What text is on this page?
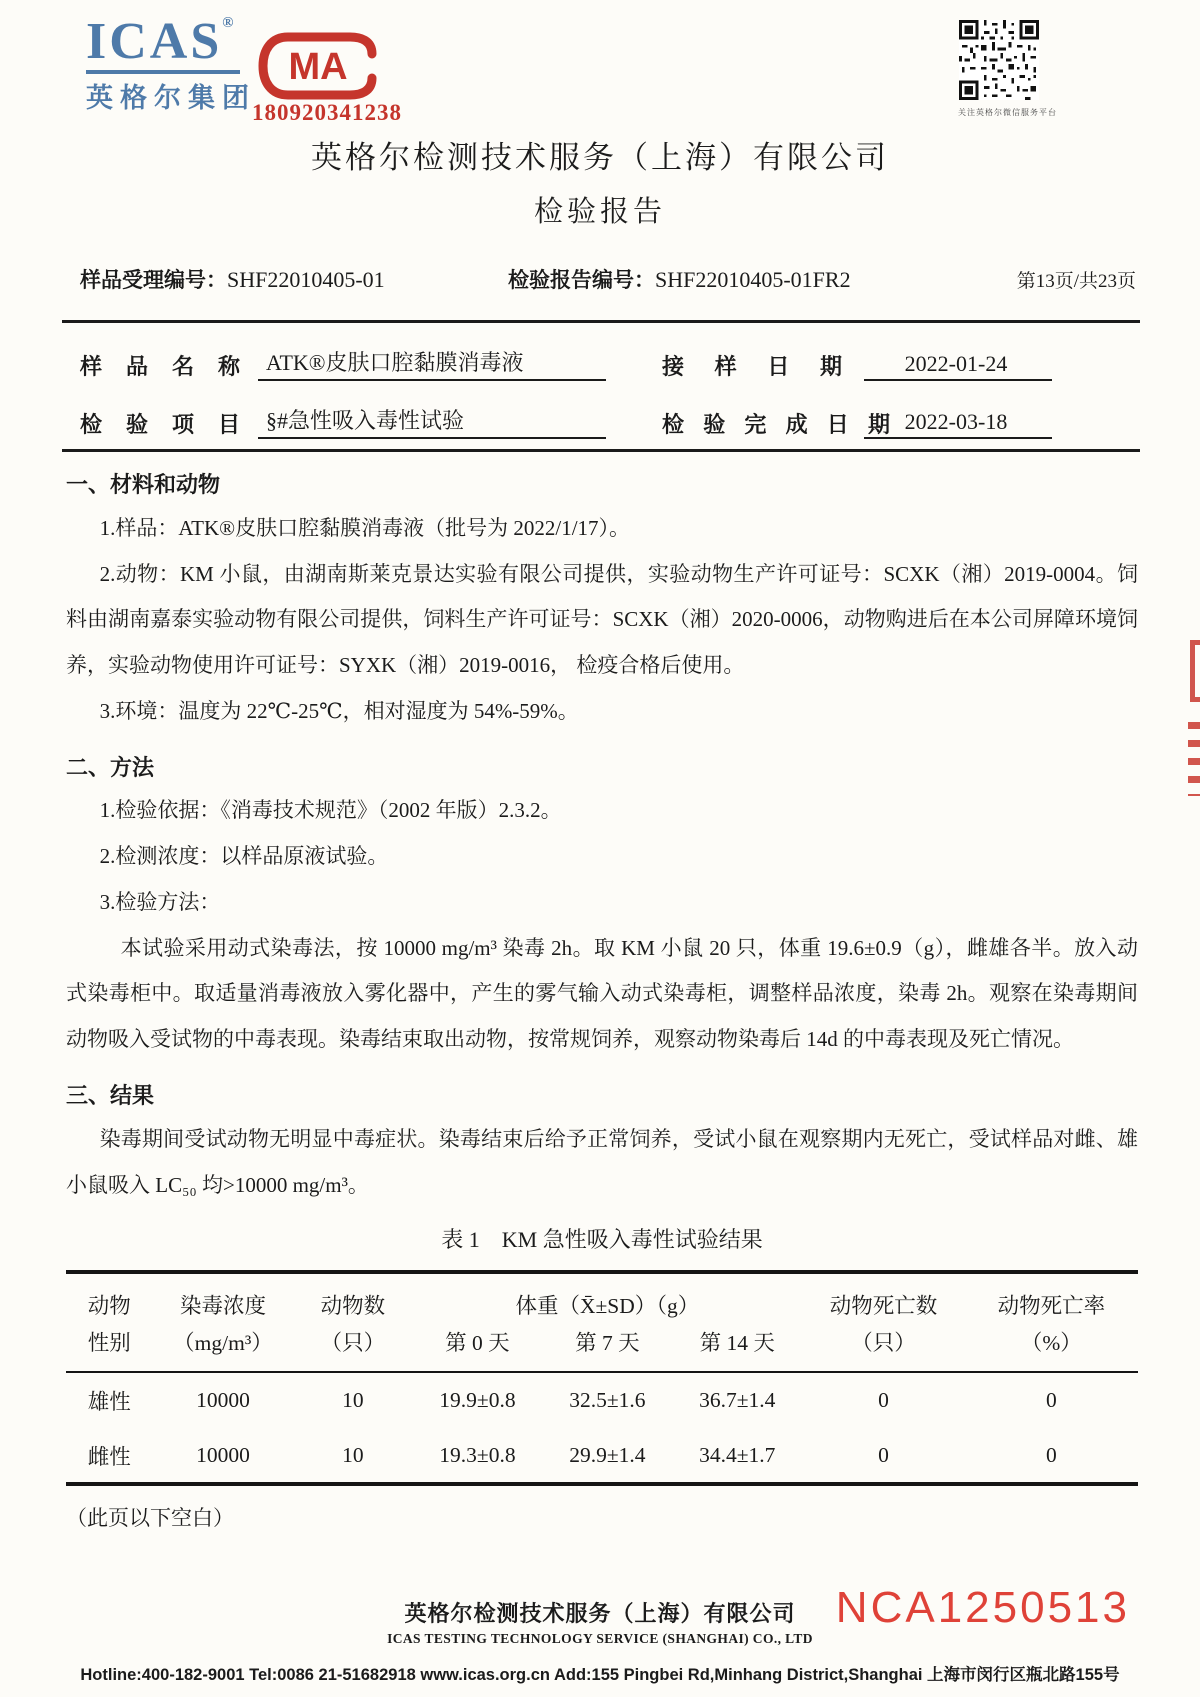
ICAS®
英格尔集团
MA
180920341238	关注英格尔微信服务平台
英格尔检测技术服务（上海）有限公司
检验报告
样品受理编号：SHF22010405-01	检验报告编号：SHF22010405-01FR2	第13页/共23页
样品名称	ATK®皮肤口腔黏膜消毒液	接样日期	2022-01-24
检验项目	§#急性吸入毒性试验	检验完成日期 2022-03-18
一、材料和动物

1.样品：ATK®皮肤口腔黏膜消毒液（批号为 2022/1/17）。

2.动物：KM 小鼠，由湖南斯莱克景达实验有限公司提供，实验动物生产许可证号：SCXK（湘）2019-0004。饲料由湖南嘉泰实验动物有限公司提供，饲料生产许可证号：SCXK（湘）2020-0006，动物购进后在本公司屏障环境饲养，实验动物使用许可证号：SYXK（湘）2019-0016， 检疫合格后使用。

3.环境：温度为 22℃-25℃，相对湿度为 54%-59%。

二、方法

1.检验依据：《消毒技术规范》（2002 年版）2.3.2。

2.检测浓度：以样品原液试验。

3.检验方法：

本试验采用动式染毒法，按 10000 mg/m³ 染毒 2h。取 KM 小鼠 20 只，体重 19.6±0.9（g），雌雄各半。放入动式染毒柜中。取适量消毒液放入雾化器中，产生的雾气输入动式染毒柜，调整样品浓度，染毒 2h。观察在染毒期间动物吸入受试物的中毒表现。染毒结束取出动物，按常规饲养，观察动物染毒后 14d 的中毒表现及死亡情况。

三、结果

染毒期间受试动物无明显中毒症状。染毒结束后给予正常饲养，受试小鼠在观察期内无死亡，受试样品对雌、雄小鼠吸入 LC₅₀ 均>10000 mg/m³。

表 1　KM 急性吸入毒性试验结果
动物	染毒浓度	动物数	体重（X̄±SD）（g）			动物死亡数	动物死亡率
性别	（mg/m³）	（只）	第 0 天	第 7 天	第 14 天	（只）	（%）
雄性	10000	10	19.9±0.8	32.5±1.6	36.7±1.4	0	0
雌性	10000	10	19.3±0.8	29.9±1.4	34.4±1.7	0	0
（此页以下空白）
英格尔检测技术服务（上海）有限公司
ICAS TESTING TECHNOLOGY SERVICE (SHANGHAI) CO., LTD
NCA1250513
Hotline:400-182-9001 Tel:0086 21-51682918 www.icas.org.cn Add:155 Pingbei Rd,Minhang District,Shanghai 上海市闵行区瓶北路155号
